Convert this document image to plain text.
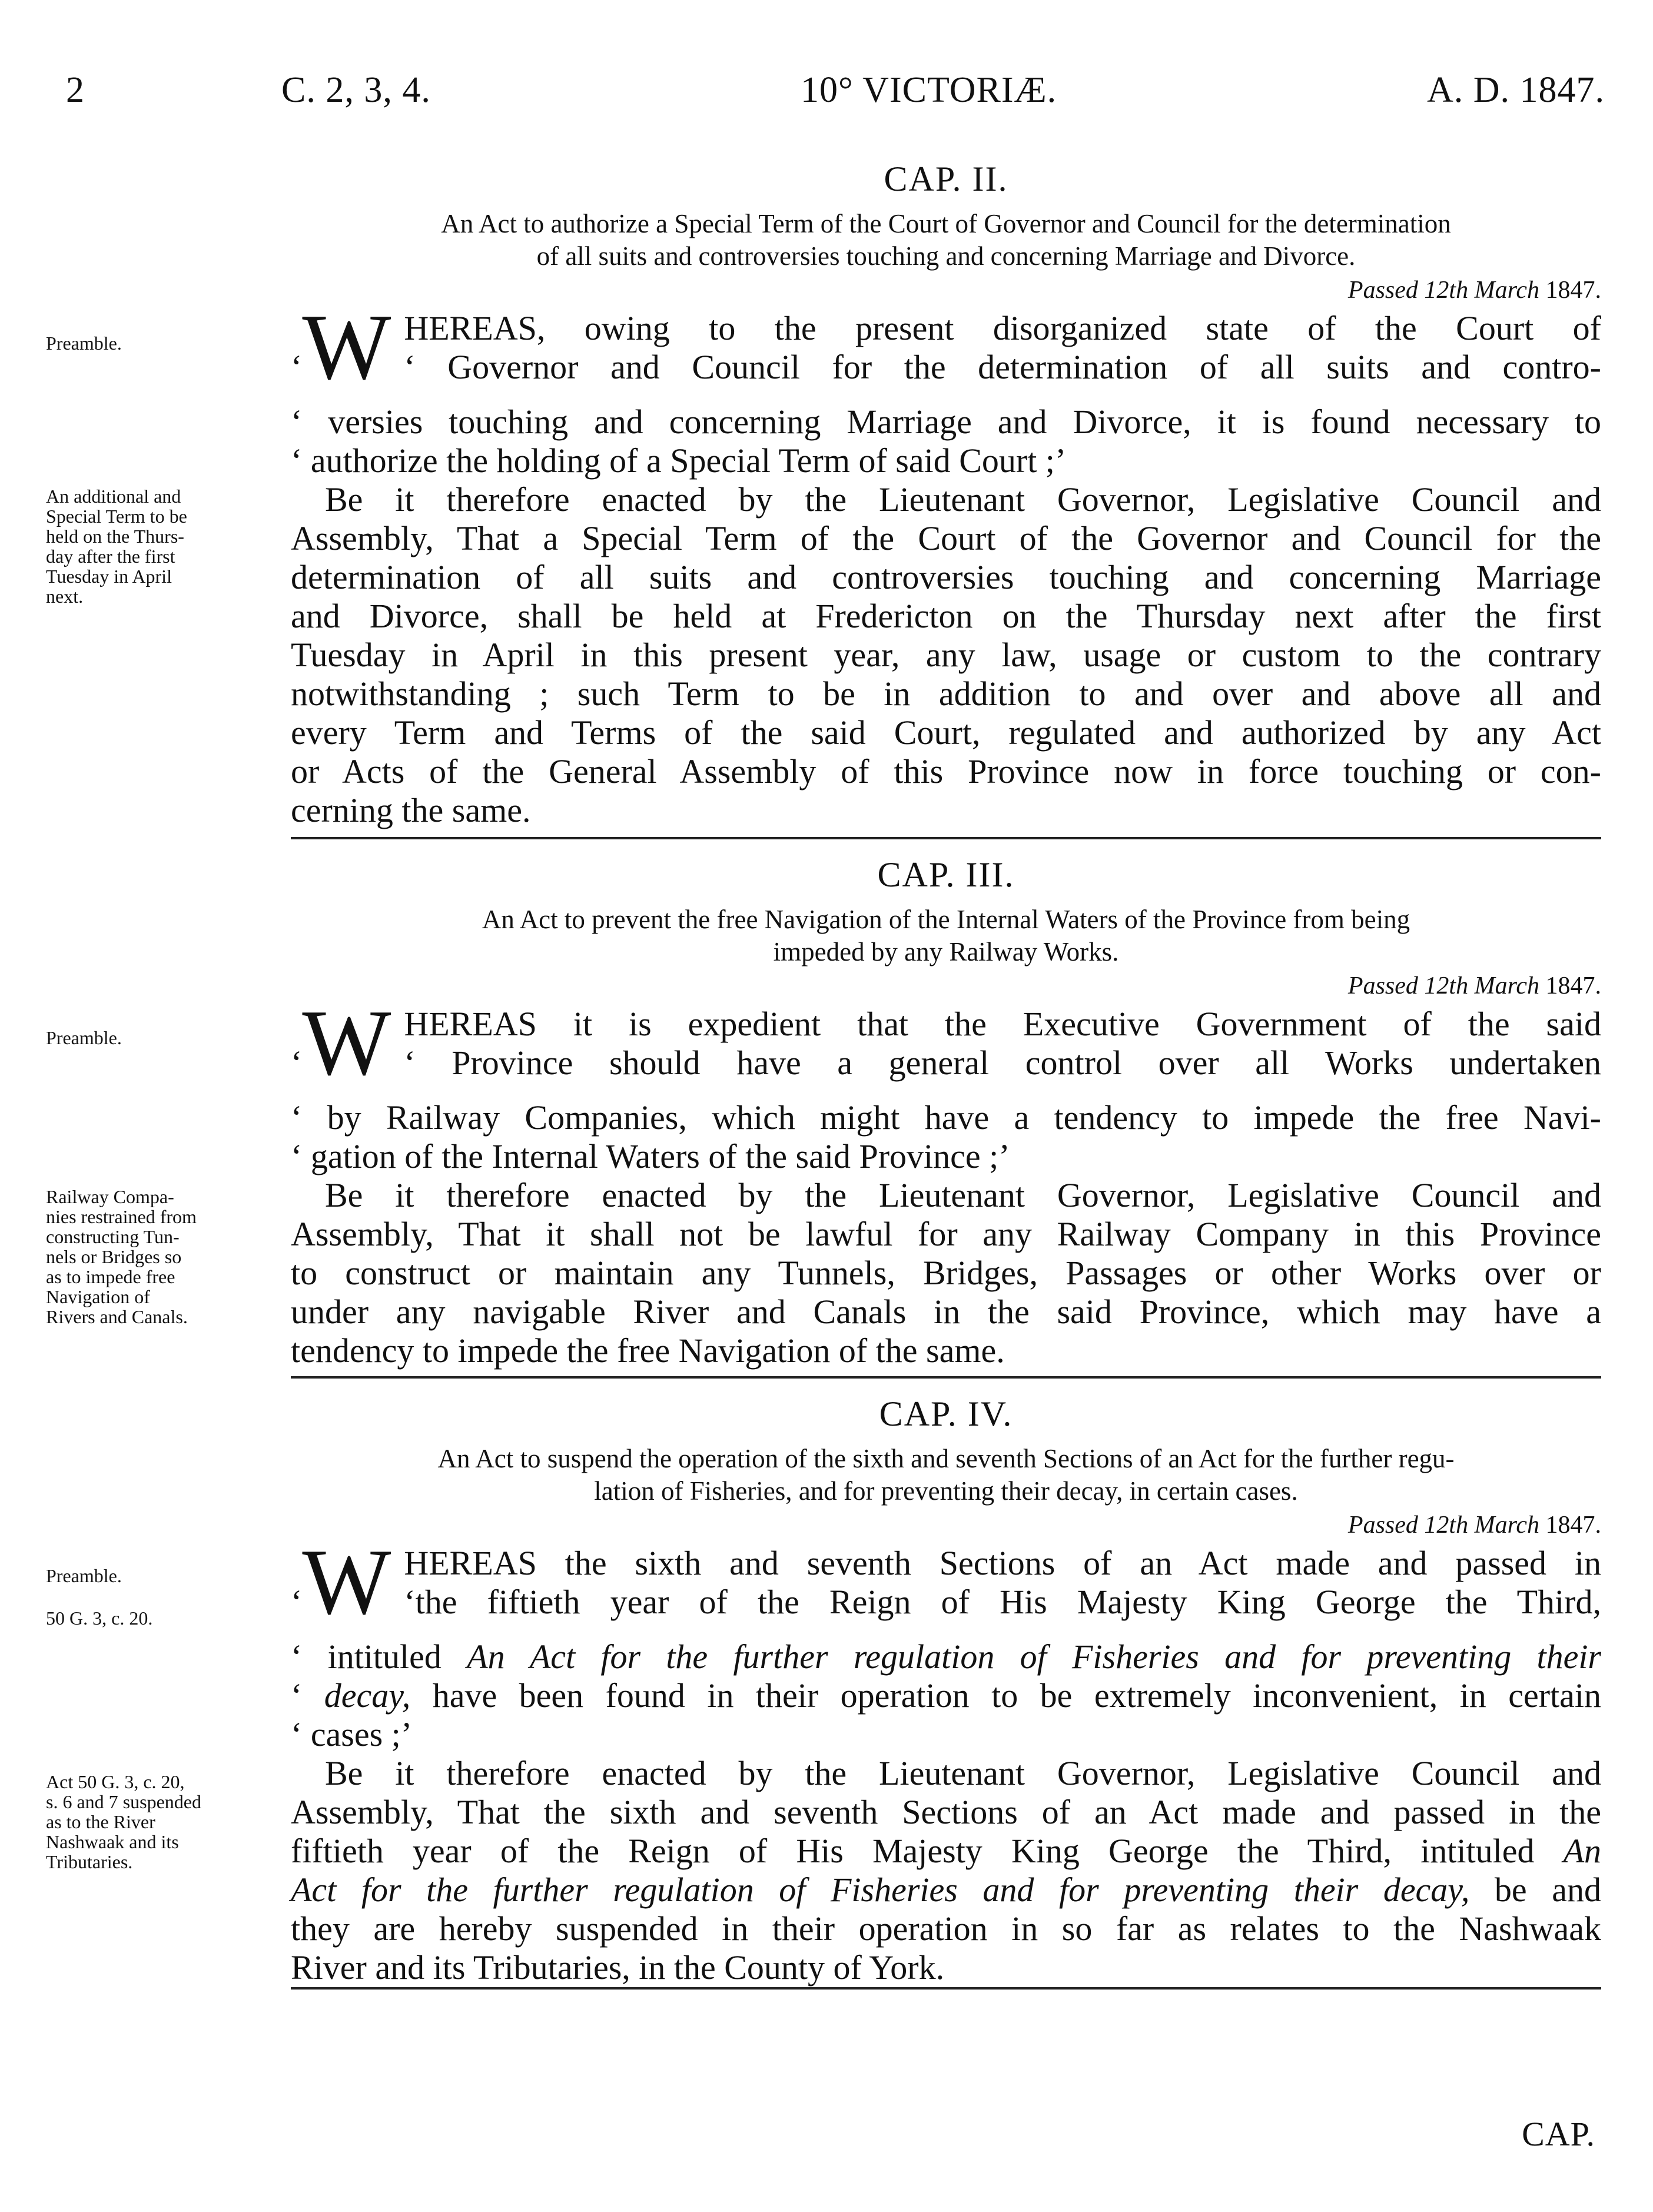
2	C. 2, 3, 4.	10° VICTORIÆ.	A. D. 1847.

CAP. II.

An Act to authorize a Special Term of the Court of Governor and Council for the determination
of all suits and controversies touching and concerning Marriage and Divorce.

Passed 12th March 1847.

‘W HEREAS, owing to the present disorganized state of the Court of
‘ Governor and Council for the determination of all suits and contro-
‘ versies touching and concerning Marriage and Divorce, it is found necessary to
‘ authorize the holding of a Special Term of said Court ;’
Be it therefore enacted by the Lieutenant Governor, Legislative Council and
Assembly, That a Special Term of the Court of the Governor and Council for the
determination of all suits and controversies touching and concerning Marriage
and Divorce, shall be held at Fredericton on the Thursday next after the first
Tuesday in April in this present year, any law, usage or custom to the contrary
notwithstanding ; such Term to be in addition to and over and above all and
every Term and Terms of the said Court, regulated and authorized by any Act
or Acts of the General Assembly of this Province now in force touching or con-
cerning the same.
Preamble.
An additional and
Special Term to be
held on the Thurs-
day after the first
Tuesday in April
next.

CAP. III.

An Act to prevent the free Navigation of the Internal Waters of the Province from being
impeded by any Railway Works.

Passed 12th March 1847.

‘W HEREAS it is expedient that the Executive Government of the said
‘ Province should have a general control over all Works undertaken
‘ by Railway Companies, which might have a tendency to impede the free Navi-
‘ gation of the Internal Waters of the said Province ;’
Be it therefore enacted by the Lieutenant Governor, Legislative Council and
Assembly, That it shall not be lawful for any Railway Company in this Province
to construct or maintain any Tunnels, Bridges, Passages or other Works over or
under any navigable River and Canals in the said Province, which may have a
tendency to impede the free Navigation of the same.
Preamble.
Railway Compa-
nies restrained from
constructing Tun-
nels or Bridges so
as to impede free
Navigation of
Rivers and Canals.

CAP. IV.

An Act to suspend the operation of the sixth and seventh Sections of an Act for the further regu-
lation of Fisheries, and for preventing their decay, in certain cases.

Passed 12th March 1847.

‘W HEREAS the sixth and seventh Sections of an Act made and passed in
‘the fiftieth year of the Reign of His Majesty King George the Third,
‘ intituled An Act for the further regulation of Fisheries and for preventing their
‘ decay, have been found in their operation to be extremely inconvenient, in certain
‘ cases ;’
Be it therefore enacted by the Lieutenant Governor, Legislative Council and
Assembly, That the sixth and seventh Sections of an Act made and passed in the
fiftieth year of the Reign of His Majesty King George the Third, intituled An
Act for the further regulation of Fisheries and for preventing their decay, be and
they are hereby suspended in their operation in so far as relates to the Nashwaak
River and its Tributaries, in the County of York.
Preamble.
50 G. 3, c. 20.
Act 50 G. 3, c. 20,
s. 6 and 7 suspended
as to the River
Nashwaak and its
Tributaries.
CAP.
